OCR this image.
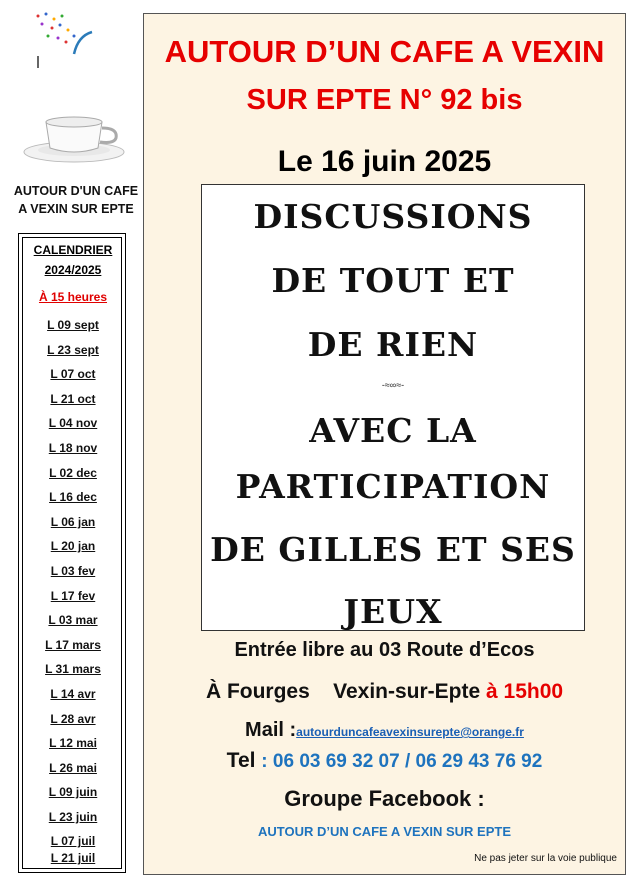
AUTOUR D'UN CAFE
A VEXIN SUR EPTE
CALENDRIER
2024/2025
À 15 heures
L 09 sept
L 23 sept
L 07 oct
L 21 oct
L 04 nov
L 18 nov
L 02 dec
L 16 dec
L 06 jan
L 20 jan
L 03 fev
L 17 fev
L 03 mar
L 17 mars
L 31 mars
L 14 avr
L 28 avr
L 12 mai
L 26 mai
L 09 juin
L 23 juin
L 07 juil
L 21 juil
AUTOUR D’UN CAFE A VEXIN
SUR EPTE N° 92 bis
Le 16 juin 2025
DISCUSSIONS
DE TOUT ET
DE RIEN
-≈∞≈-
AVEC LA
PARTICIPATION
DE GILLES ET SES
JEUX
Entrée libre au 03 Route d’Ecos
À Fourges    Vexin-sur-Epte à 15h00
Mail :autourduncafeavexinsurepte@orange.fr
Tel : 06 03 69 32 07 / 06 29 43 76 92
Groupe Facebook :
AUTOUR D’UN CAFE A VEXIN SUR EPTE
Ne pas jeter sur la voie publique
